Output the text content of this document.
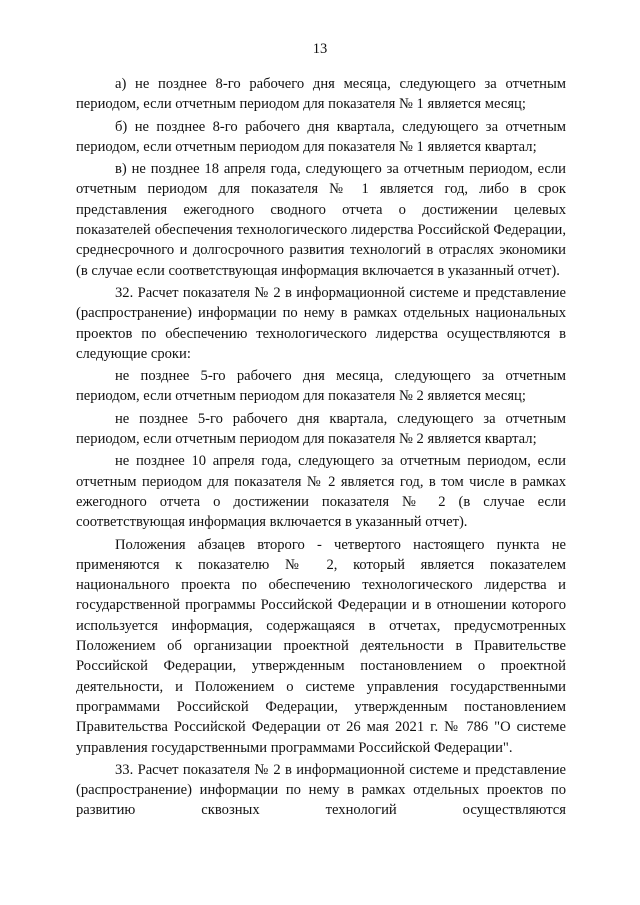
13

а) не позднее 8-го рабочего дня месяца, следующего за отчетным периодом, если отчетным периодом для показателя № 1 является месяц;

б) не позднее 8-го рабочего дня квартала, следующего за отчетным периодом, если отчетным периодом для показателя № 1 является квартал;

в) не позднее 18 апреля года, следующего за отчетным периодом, если отчетным периодом для показателя № 1 является год, либо в срок представления ежегодного сводного отчета о достижении целевых показателей обеспечения технологического лидерства Российской Федерации, среднесрочного и долгосрочного развития технологий в отраслях экономики (в случае если соответствующая информация включается в указанный отчет).

32. Расчет показателя № 2 в информационной системе и представление (распространение) информации по нему в рамках отдельных национальных проектов по обеспечению технологического лидерства осуществляются в следующие сроки:

не позднее 5-го рабочего дня месяца, следующего за отчетным периодом, если отчетным периодом для показателя № 2 является месяц;

не позднее 5-го рабочего дня квартала, следующего за отчетным периодом, если отчетным периодом для показателя № 2 является квартал;

не позднее 10 апреля года, следующего за отчетным периодом, если отчетным периодом для показателя № 2 является год, в том числе в рамках ежегодного отчета о достижении показателя № 2 (в случае если соответствующая информация включается в указанный отчет).

Положения абзацев второго - четвертого настоящего пункта не применяются к показателю № 2, который является показателем национального проекта по обеспечению технологического лидерства и государственной программы Российской Федерации и в отношении которого используется информация, содержащаяся в отчетах, предусмотренных Положением об организации проектной деятельности в Правительстве Российской Федерации, утвержденным постановлением о проектной деятельности, и Положением о системе управления государственными программами Российской Федерации, утвержденным постановлением Правительства Российской Федерации от 26 мая 2021 г. № 786 "О системе управления государственными программами Российской Федерации".

33. Расчет показателя № 2 в информационной системе и представление (распространение) информации по нему в рамках отдельных проектов по развитию сквозных технологий осуществляются
